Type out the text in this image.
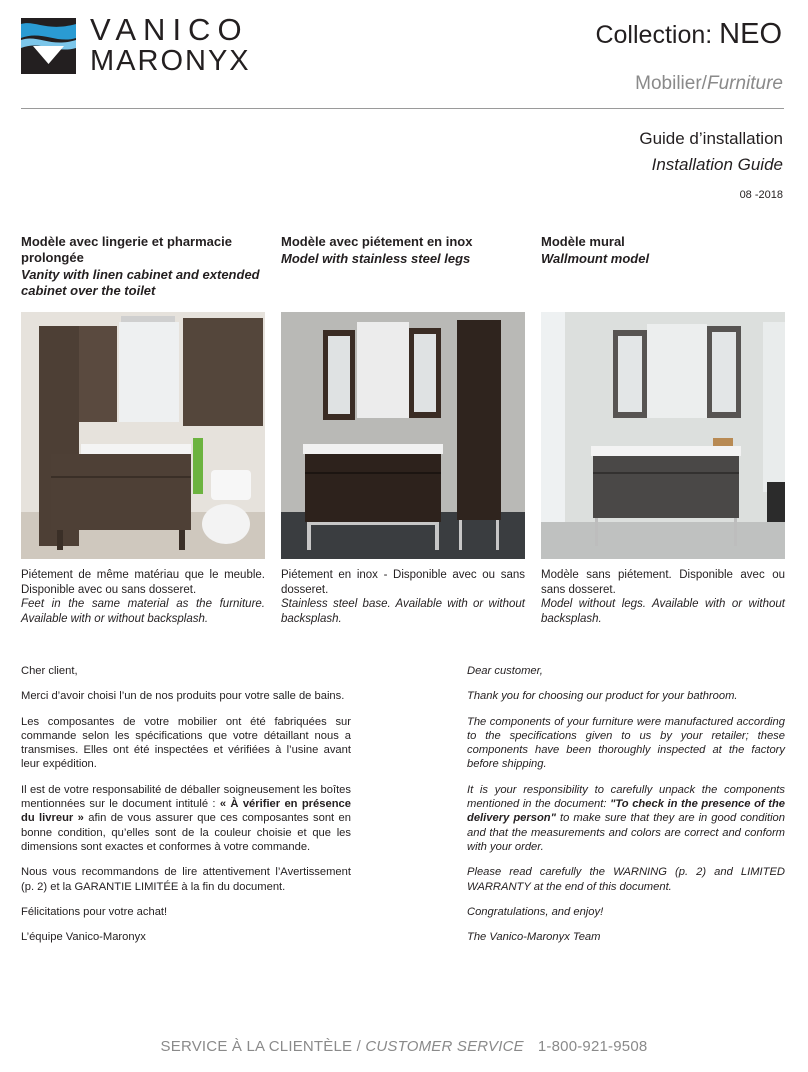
VANICO
MARONYX
Collection: NEO
Mobilier/Furniture
Guide d’installation
Installation Guide
08 -2018
Modèle avec lingerie et pharmacie prolongée
Vanity with linen cabinet and extended cabinet over the toilet
Piétement de même matériau que le meuble. Disponible avec ou sans dosseret.
Feet in the same material as the furniture. Available with or without backsplash.
Modèle avec piétement en inox
Model with stainless steel legs
Piétement en inox - Disponible avec ou sans dosseret.
Stainless steel base. Available with or without backsplash.
Modèle mural
Wallmount model
Modèle sans piétement. Disponible avec ou sans dosseret.
Model without legs. Available with or without backsplash.

Cher client,

Merci d’avoir choisi l’un de nos produits pour votre salle de bains.

Les composantes de votre mobilier ont été fabriquées sur commande selon les spécifications que votre détaillant nous a transmises. Elles ont été inspectées et vérifiées à l’usine avant leur expédition.

Il est de votre responsabilité de déballer soigneusement les boîtes mentionnées sur le document intitulé : « À vérifier en présence du livreur » afin de vous assurer que ces composantes sont en bonne condition, qu’elles sont de la couleur choisie et que les dimensions sont exactes et conformes à votre commande.

Nous vous recommandons de lire attentivement l’Avertissement (p. 2) et la GARANTIE LIMITÉE à la fin du document.

Félicitations pour votre achat!

L’équipe Vanico-Maronyx

Dear customer,

Thank you for choosing our product for your bathroom.

The components of your furniture were manufactured according to the specifications given to us by your retailer; these components have been thoroughly inspected at the factory before shipping.

It is your responsibility to carefully unpack the components mentioned in the document: "To check in the presence of the delivery person" to make sure that they are in good condition and that the measurements and colors are correct and conform with your order.

Please read carefully the WARNING (p. 2) and LIMITED WARRANTY at the end of this document.

Congratulations, and enjoy!

The Vanico-Maronyx Team

SERVICE À LA CLIENTÈLE / CUSTOMER SERVICE 1-800-921-9508
